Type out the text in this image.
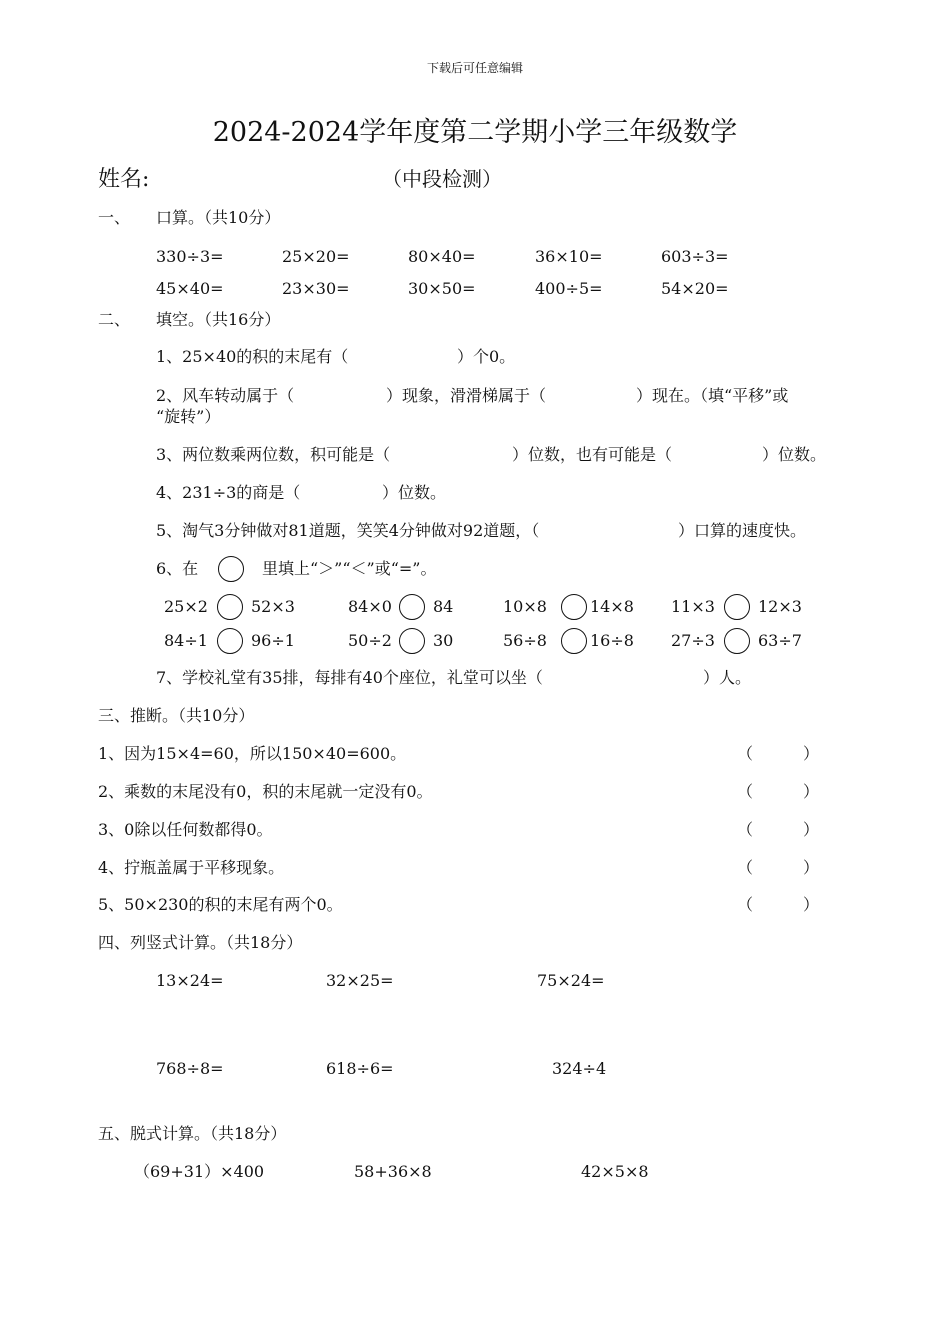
下载后可任意编辑
2024-2024学年度第二学期小学三年级数学
姓名:	（中段检测）
一、 口算。（共10分）
330÷3=	25×20=	80×40=	36×10=	603÷3=
45×40=	23×30=	30×50=	400÷5=	54×20=
二、 填空。（共16分）
1、25×40的积的末尾有（	）个0。
2、风车转动属于（	）现象，滑滑梯属于（	）现在。（填“平移”或
“旋转”）
3、两位数乘两位数，积可能是（	）位数，也有可能是（	）位数。
4、231÷3的商是（	）位数。
5、淘气3分钟做对81道题，笑笑4分钟做对92道题，（	）口算的速度快。
6、在	里填上“＞”“＜”或“=”。
25×2	52×3	84×0	84	10×8	14×8 11×3	12×3
84÷1	96÷1	50÷2	30	56÷8	16÷8 27÷3	63÷7
7、学校礼堂有35排，每排有40个座位，礼堂可以坐（	）人。
三、推断。（共10分）
1、因为15×4=60，所以150×40=600。	（	）
2、乘数的末尾没有0，积的末尾就一定没有0。	（	）
3、0除以任何数都得0。	（	）
4、拧瓶盖属于平移现象。	（	）
5、50×230的积的末尾有两个0。	（	）
四、列竖式计算。（共18分）
13×24=	32×25=	75×24=
768÷8=	618÷6=	324÷4
五、脱式计算。（共18分）
（69+31）×400	58+36×8	42×5×8
